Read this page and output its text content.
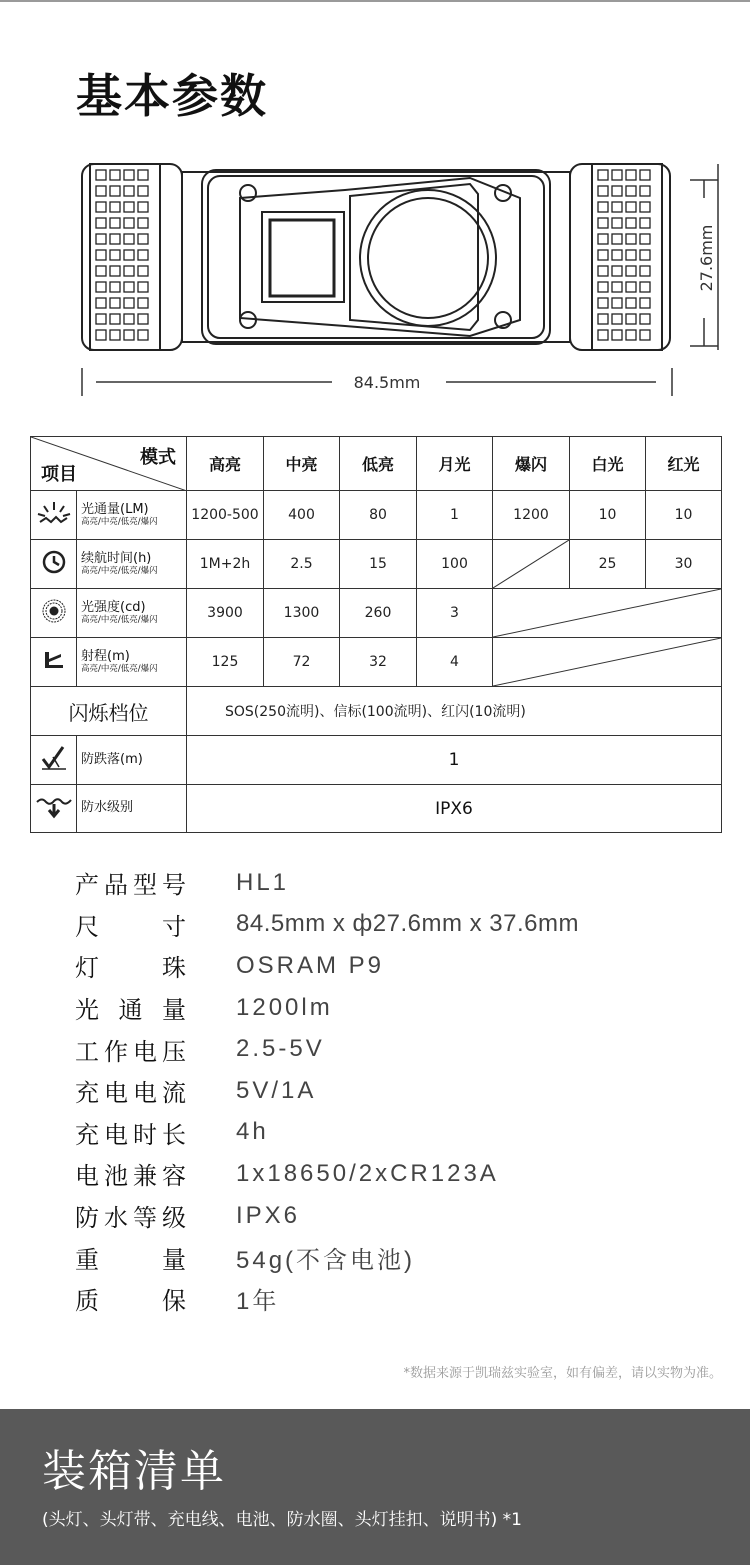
基本参数
27.6mm
84.5mm
模式
项目		高亮	中亮	低亮	月光	爆闪	白光	红光

光通量(LM)
高亮/中亮/低亮/爆闪	1200-500	400	80	1	1200	10	10

续航时间(h)
高亮/中亮/低亮/爆闪	1M+2h	2.5	15	100		25	30

光强度(cd)
高亮/中亮/低亮/爆闪	3900	1300	260	3	

射程(m)
高亮/中亮/低亮/爆闪	125	72	32	4	

闪烁档位		SOS(250流明)、信标(100流明)、红闪(10流明)						

防跌落(m)	1						

防水级别	IPX6						
产 品 型 号 HL1
尺	寸 84.5mm x ф27.6mm x 37.6mm
灯	珠 OSRAM P9
光 通 量 1200lm
工 作 电 压 2.5-5V
充 电 电 流 5V/1A
充 电 时 长 4h
电 池 兼 容 1x18650/2xCR123A
防 水 等 级 IPX6
重	量 54g(不含电池)
质	保 1年
*数据来源于凯瑞兹实验室，如有偏差，请以实物为准。
装箱清单
(头灯、头灯带、充电线、电池、防水圈、头灯挂扣、说明书) *1
